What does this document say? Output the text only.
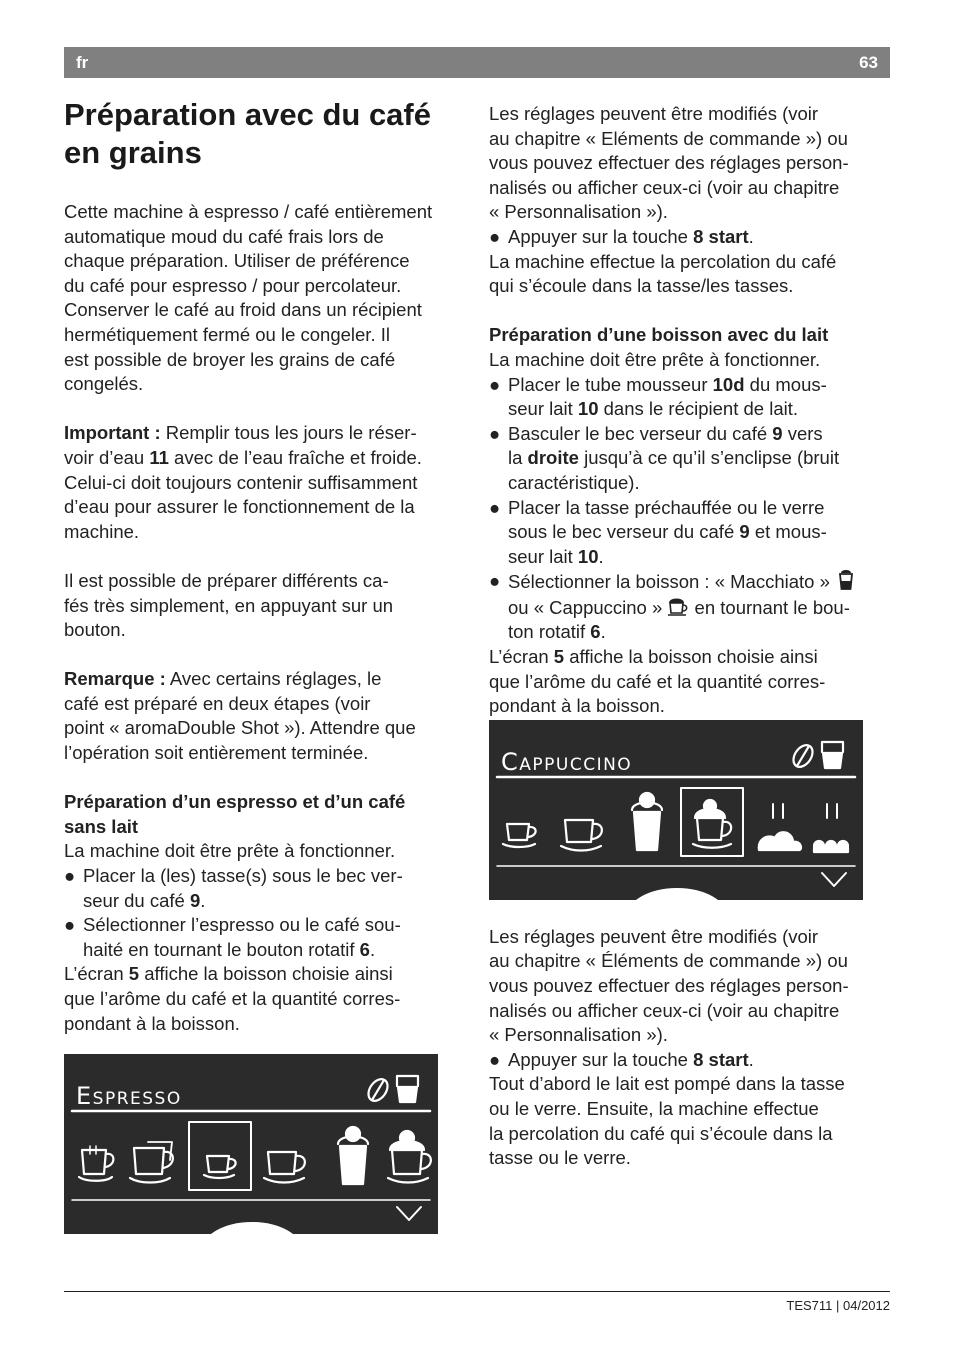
fr	63
Préparation avec du café
en grains

Cette machine à espresso / café entièrement

automatique moud du café frais lors de

chaque préparation. Utiliser de préférence

du café pour espresso / pour percolateur.

Conserver le café au froid dans un récipient

hermétiquement fermé ou le congeler. Il

est possible de broyer les grains de café

congelés.

Important : Remplir tous les jours le réser-

voir d’eau 11 avec de l’eau fraîche et froide.

Celui-ci doit toujours contenir suffisamment

d’eau pour assurer le fonctionnement de la

machine.

Il est possible de préparer différents ca-

fés très simplement, en appuyant sur un

bouton.

Remarque : Avec certains réglages, le

café est préparé en deux étapes (voir

point « aromaDouble Shot »). Attendre que

l’opération soit entièrement terminée.

Préparation d’un espresso et d’un café

sans lait

La machine doit être prête à fonctionner.

● Placer la (les) tasse(s) sous le bec ver-

seur du café 9.

● Sélectionner l’espresso ou le café sou-

haité en tournant le bouton rotatif 6.

L’écran 5 affiche la boisson choisie ainsi

que l’arôme du café et la quantité corres-

pondant à la boisson.

Espresso

Les réglages peuvent être modifiés (voir

au chapitre « Eléments de commande ») ou

vous pouvez effectuer des réglages person-

nalisés ou afficher ceux-ci (voir au chapitre

« Personnalisation »).

● Appuyer sur la touche 8 start.

La machine effectue la percolation du café

qui s’écoule dans la tasse/les tasses.

Préparation d’une boisson avec du lait

La machine doit être prête à fonctionner.

● Placer le tube mousseur 10d du mous-

seur lait 10 dans le récipient de lait.

● Basculer le bec verseur du café 9 vers

la droite jusqu’à ce qu’il s’enclipse (bruit

caractéristique).

● Placer la tasse préchauffée ou le verre

sous le bec verseur du café 9 et mous-

seur lait 10.

● Sélectionner la boisson : « Macchiato »

ou « Cappuccino »  en tournant le bou-

ton rotatif 6.

L’écran 5 affiche la boisson choisie ainsi

que l’arôme du café et la quantité corres-

pondant à la boisson.

Les réglages peuvent être modifiés (voir

au chapitre « Éléments de commande ») ou

vous pouvez effectuer des réglages person-

nalisés ou afficher ceux-ci (voir au chapitre

« Personnalisation »).

● Appuyer sur la touche 8 start.

Tout d’abord le lait est pompé dans la tasse

ou le verre. Ensuite, la machine effectue

la percolation du café qui s’écoule dans la

tasse ou le verre.

Cappuccino
TES711 | 04/2012
